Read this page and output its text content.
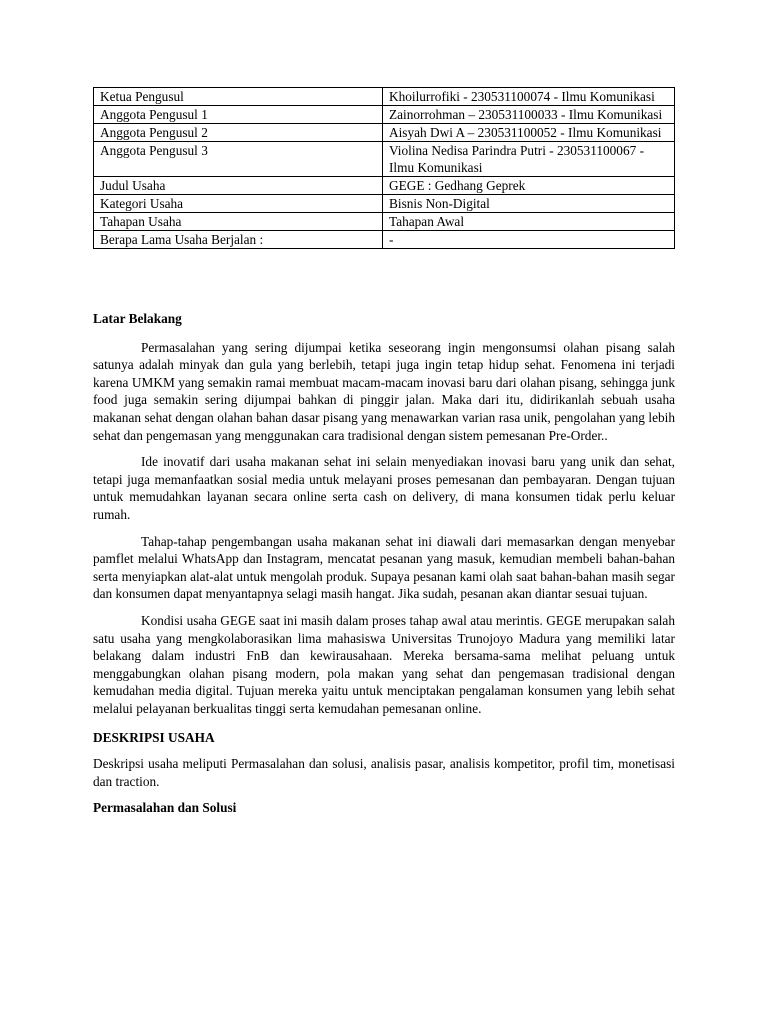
Ketua Pengusul	Khoilurrofiki - 230531100074 - Ilmu Komunikasi
Anggota Pengusul 1	Zainorrohman – 230531100033 - Ilmu Komunikasi
Anggota Pengusul 2	Aisyah Dwi A – 230531100052 - Ilmu Komunikasi
Anggota Pengusul 3	Violina Nedisa Parindra Putri - 230531100067 - Ilmu Komunikasi
Judul Usaha	GEGE : Gedhang Geprek
Kategori Usaha	Bisnis Non-Digital
Tahapan Usaha	Tahapan Awal
Berapa Lama Usaha Berjalan :	-
Latar Belakang

Permasalahan yang sering dijumpai ketika seseorang ingin mengonsumsi olahan pisang salah satunya adalah minyak dan gula yang berlebih, tetapi juga ingin tetap hidup sehat. Fenomena ini terjadi karena UMKM yang semakin ramai membuat macam-macam inovasi baru dari olahan pisang, sehingga junk food juga semakin sering dijumpai bahkan di pinggir jalan. Maka dari itu, didirikanlah sebuah usaha makanan sehat dengan olahan bahan dasar pisang yang menawarkan varian rasa unik, pengolahan yang lebih sehat dan pengemasan yang menggunakan cara tradisional dengan sistem pemesanan Pre-Order..

Ide inovatif dari usaha makanan sehat ini selain menyediakan inovasi baru yang unik dan sehat, tetapi juga memanfaatkan sosial media untuk melayani proses pemesanan dan pembayaran. Dengan tujuan untuk memudahkan layanan secara online serta cash on delivery, di mana konsumen tidak perlu keluar rumah.

Tahap-tahap pengembangan usaha makanan sehat ini diawali dari memasarkan dengan menyebar pamflet melalui WhatsApp dan Instagram, mencatat pesanan yang masuk, kemudian membeli bahan-bahan serta menyiapkan alat-alat untuk mengolah produk. Supaya pesanan kami olah saat bahan-bahan masih segar dan konsumen dapat menyantapnya selagi masih hangat. Jika sudah, pesanan akan diantar sesuai tujuan.

Kondisi usaha GEGE saat ini masih dalam proses tahap awal atau merintis. GEGE merupakan salah satu usaha yang mengkolaborasikan lima mahasiswa Universitas Trunojoyo Madura yang memiliki latar belakang dalam industri FnB dan kewirausahaan. Mereka bersama-sama melihat peluang untuk menggabungkan olahan pisang modern, pola makan yang sehat dan pengemasan tradisional dengan kemudahan media digital. Tujuan mereka yaitu untuk menciptakan pengalaman konsumen yang lebih sehat melalui pelayanan berkualitas tinggi serta kemudahan pemesanan online.

DESKRIPSI USAHA

Deskripsi usaha meliputi Permasalahan dan solusi, analisis pasar, analisis kompetitor, profil tim, monetisasi dan traction.

Permasalahan dan Solusi
